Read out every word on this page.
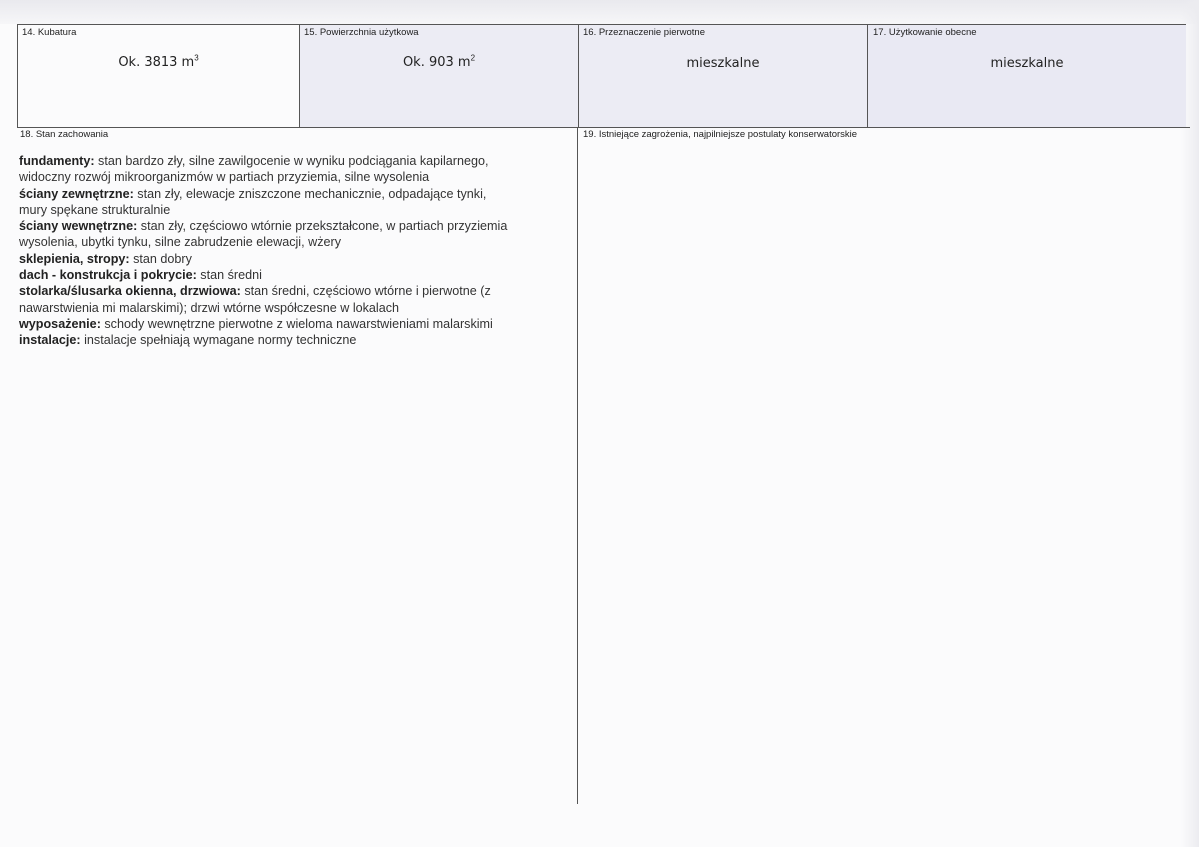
14. Kubatura	15. Powierzchnia użytkowa	16. Przeznaczenie pierwotne	17. Użytkowanie obecne
Ok. 3813 $m^3$	Ok. 903 $m^2$	mieszkalne	mieszkalne
18. Stan zachowania	19. Istniejące zagrożenia, najpilniejsze postulaty konserwatorskie

fundamenty: stan bardzo zły, silne zawilgocenie w wyniku podciągania kapilarnego,
widoczny rozwój mikroorganizmów w partiach przyziemia, silne wysolenia

ściany zewnętrzne: stan zły, elewacje zniszczone mechanicznie, odpadające tynki,
mury spękane strukturalnie

ściany wewnętrzne: stan zły, częściowo wtórnie przekształcone, w partiach przyziemia
wysolenia, ubytki tynku, silne zabrudzenie elewacji, wżery

sklepienia, stropy: stan dobry

dach - konstrukcja i pokrycie: stan średni

stolarka/ślusarka okienna, drzwiowa: stan średni, częściowo wtórne i pierwotne (z
nawarstwienia mi malarskimi); drzwi wtórne współczesne w lokalach

wyposażenie: schody wewnętrzne pierwotne z wieloma nawarstwieniami malarskimi

instalacje: instalacje spełniają wymagane normy techniczne
